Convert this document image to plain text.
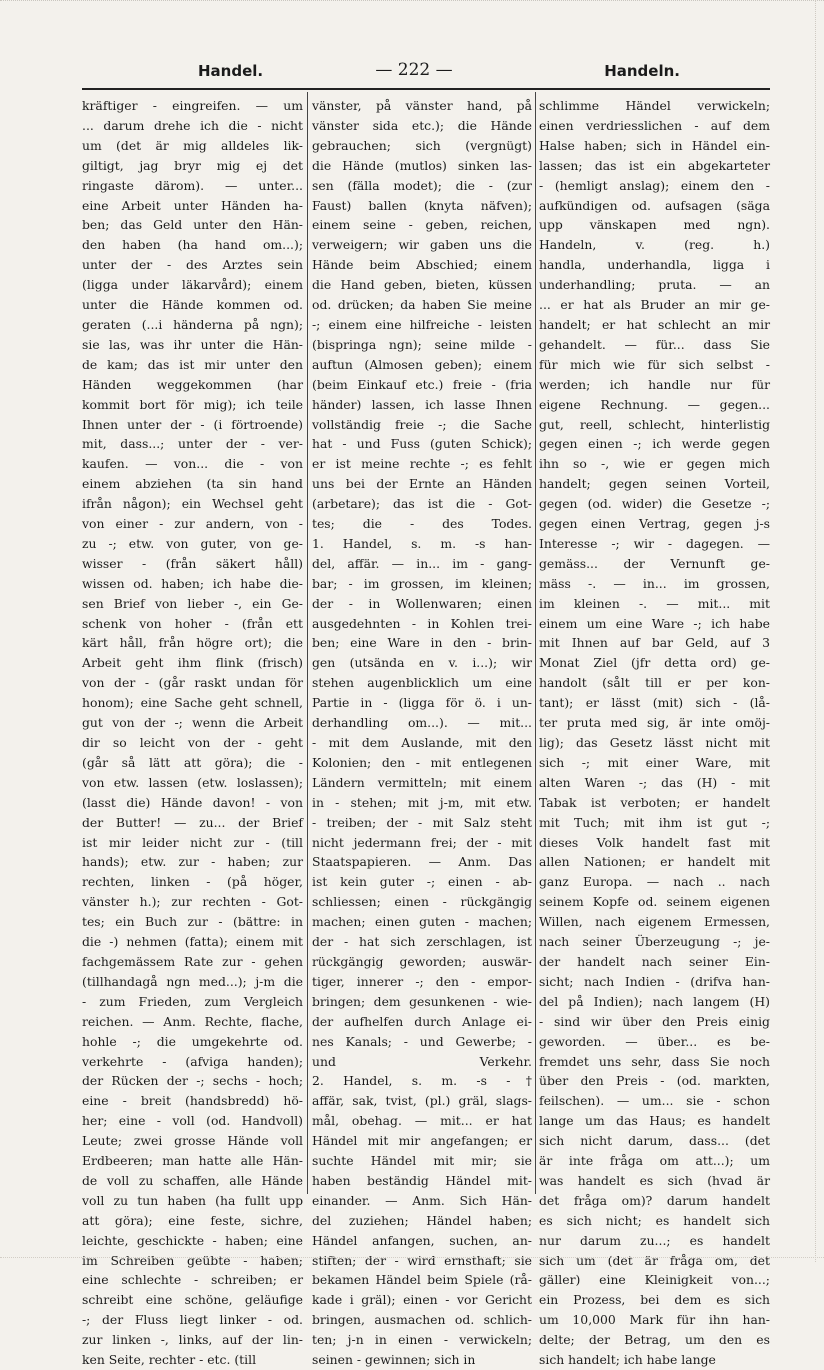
Handel.	— 222 —	Handeln.
kräftiger - eingreifen. — um
... darum drehe ich die - nicht
um (det är mig alldeles lik-
giltigt, jag bryr mig ej det
ringaste därom). — unter...
eine Arbeit unter Händen ha-
ben; das Geld unter den Hän-
den haben (ha hand om...);
unter der - des Arztes sein
(ligga under läkarvård); einem
unter die Hände kommen od.
geraten (...i händerna på ngn);
sie las, was ihr unter die Hän-
de kam; das ist mir unter den
Händen weggekommen (har
kommit bort för mig); ich teile
Ihnen unter der - (i förtroende)
mit, dass...; unter der - ver-
kaufen. — von... die - von
einem abziehen (ta sin hand
ifrån någon); ein Wechsel geht
von einer - zur andern, von -
zu -; etw. von guter, von ge-
wisser - (från säkert håll)
wissen od. haben; ich habe die-
sen Brief von lieber -, ein Ge-
schenk von hoher - (från ett
kärt håll, från högre ort); die
Arbeit geht ihm flink (frisch)
von der - (går raskt undan för
honom); eine Sache geht schnell,
gut von der -; wenn die Arbeit
dir so leicht von der - geht
(går så lätt att göra); die -
von etw. lassen (etw. loslassen);
(lasst die) Hände davon! - von
der Butter! — zu... der Brief
ist mir leider nicht zur - (till
hands); etw. zur - haben; zur
rechten, linken - (på höger,
vänster h.); zur rechten - Got-
tes; ein Buch zur - (bättre: in
die -) nehmen (fatta); einem mit
fachgemässem Rate zur - gehen
(tillhandagå ngn med...); j-m die
- zum Frieden, zum Vergleich
reichen. — Anm. Rechte, flache,
hohle -; die umgekehrte od.
verkehrte - (afviga handen);
der Rücken der -; sechs - hoch;
eine - breit (handsbredd) hö-
her; eine - voll (od. Handvoll)
Leute; zwei grosse Hände voll
Erdbeeren; man hatte alle Hän-
de voll zu schaffen, alle Hände
voll zu tun haben (ha fullt upp
att göra); eine feste, sichre,
leichte, geschickte - haben; eine
im Schreiben geübte - haben;
eine schlechte - schreiben; er
schreibt eine schöne, geläufige
-; der Fluss liegt linker - od.
zur linken -, links, auf der lin-
ken Seite, rechter - etc. (till
vänster, på vänster hand, på
vänster sida etc.); die Hände
gebrauchen; sich (vergnügt)
die Hände (mutlos) sinken las-
sen (fälla modet); die - (zur
Faust) ballen (knyta näfven);
einem seine - geben, reichen,
verweigern; wir gaben uns die
Hände beim Abschied; einem
die Hand geben, bieten, küssen
od. drücken; da haben Sie meine
-; einem eine hilfreiche - leisten
(bispringa ngn); seine milde -
auftun (Almosen geben); einem
(beim Einkauf etc.) freie - (fria
händer) lassen, ich lasse Ihnen
vollständig freie -; die Sache
hat - und Fuss (guten Schick);
er ist meine rechte -; es fehlt
uns bei der Ernte an Händen
(arbetare); das ist die - Got-
tes; die - des Todes.
1. Handel, s. m. -s han-
del, affär. — in... im - gang-
bar; - im grossen, im kleinen;
der - in Wollenwaren; einen
ausgedehnten - in Kohlen trei-
ben; eine Ware in den - brin-
gen (utsända en v. i...); wir
stehen augenblicklich um eine
Partie in - (ligga för ö. i un-
derhandling om...). — mit...
- mit dem Auslande, mit den
Kolonien; den - mit entlegenen
Ländern vermitteln; mit einem
in - stehen; mit j-m, mit etw.
- treiben; der - mit Salz steht
nicht jedermann frei; der - mit
Staatspapieren. — Anm. Das
ist kein guter -; einen - ab-
schliessen; einen - rückgängig
machen; einen guten - machen;
der - hat sich zerschlagen, ist
rückgängig geworden; auswär-
tiger, innerer -; den - empor-
bringen; dem gesunkenen - wie-
der aufhelfen durch Anlage ei-
nes Kanals; - und Gewerbe; -
und Verkehr.
2. Handel, s. m. -s -†
affär, sak, tvist, (pl.) gräl, slags-
mål, obehag. — mit... er hat
Händel mit mir angefangen; er
suchte Händel mit mir; sie
haben beständig Händel mit-
einander. — Anm. Sich Hän-
del zuziehen; Händel haben;
Händel anfangen, suchen, an-
stiften; der - wird ernsthaft; sie
bekamen Händel beim Spiele (rå-
kade i gräl); einen - vor Gericht
bringen, ausmachen od. schlich-
ten; j-n in einen - verwickeln;
seinen - gewinnen; sich in
schlimme Händel verwickeln;
einen verdriesslichen - auf dem
Halse haben; sich in Händel ein-
lassen; das ist ein abgekarteter
- (hemligt anslag); einem den -
aufkündigen od. aufsagen (säga
upp vänskapen med ngn).
Handeln, v. (reg. h.)
handla, underhandla, ligga i
underhandling; pruta. — an
... er hat als Bruder an mir ge-
handelt; er hat schlecht an mir
gehandelt. — für... dass Sie
für mich wie für sich selbst -
werden; ich handle nur für
eigene Rechnung. — gegen...
gut, reell, schlecht, hinterlistig
gegen einen -; ich werde gegen
ihn so -, wie er gegen mich
handelt; gegen seinen Vorteil,
gegen (od. wider) die Gesetze -;
gegen einen Vertrag, gegen j-s
Interesse -; wir - dagegen. —
gemäss... der Vernunft ge-
mäss -. — in... im grossen,
im kleinen -. — mit... mit
einem um eine Ware -; ich habe
mit Ihnen auf bar Geld, auf 3
Monat Ziel (jfr detta ord) ge-
handolt (sålt till er per kon-
tant); er lässt (mit) sich - (lå-
ter pruta med sig, är inte omöj-
lig); das Gesetz lässt nicht mit
sich -; mit einer Ware, mit
alten Waren -; das (H) - mit
Tabak ist verboten; er handelt
mit Tuch; mit ihm ist gut -;
dieses Volk handelt fast mit
allen Nationen; er handelt mit
ganz Europa. — nach .. nach
seinem Kopfe od. seinem eigenen
Willen, nach eigenem Ermessen,
nach seiner Überzeugung -; je-
der handelt nach seiner Ein-
sicht; nach Indien - (drifva han-
del på Indien); nach langem (H)
- sind wir über den Preis einig
geworden. — über... es be-
fremdet uns sehr, dass Sie noch
über den Preis - (od. markten,
feilschen). — um... sie - schon
lange um das Haus; es handelt
sich nicht darum, dass... (det
är inte fråga om att...); um
was handelt es sich (hvad är
det fråga om)? darum handelt
es sich nicht; es handelt sich
nur darum zu...; es handelt
sich um (det är fråga om, det
gäller) eine Kleinigkeit von...;
ein Prozess, bei dem es sich
um 10,000 Mark für ihn han-
delte; der Betrag, um den es
sich handelt; ich habe lange
